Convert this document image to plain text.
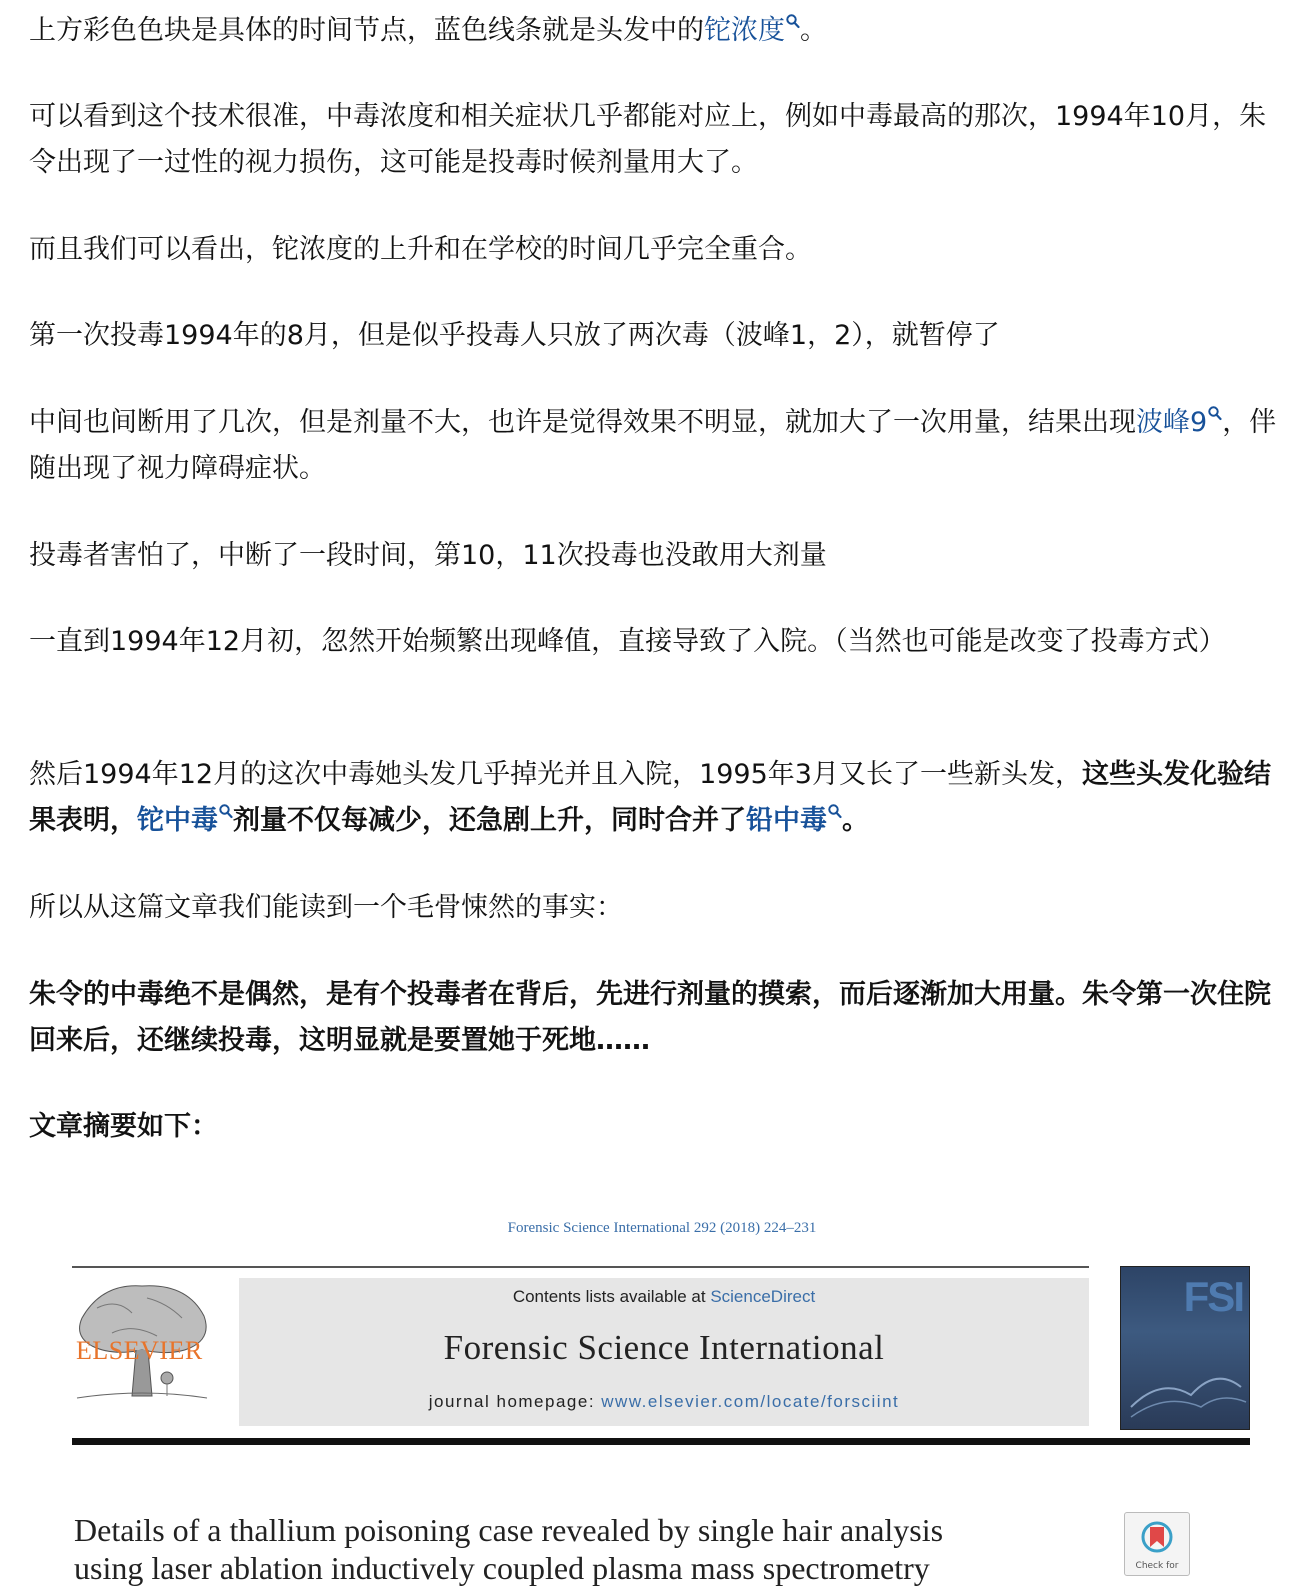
上方彩色色块是具体的时间节点，蓝色线条就是头发中的铊浓度 。

可以看到这个技术很准，中毒浓度和相关症状几乎都能对应上，例如中毒最高的那次，1994年10月，朱令出现了一过性的视力损伤，这可能是投毒时候剂量用大了。

而且我们可以看出，铊浓度的上升和在学校的时间几乎完全重合。

第一次投毒1994年的8月，但是似乎投毒人只放了两次毒（波峰1，2），就暂停了

中间也间断用了几次，但是剂量不大，也许是觉得效果不明显，就加大了一次用量，结果出现波峰9 ，伴随出现了视力障碍症状。

投毒者害怕了，中断了一段时间，第10，11次投毒也没敢用大剂量

一直到1994年12月初，忽然开始频繁出现峰值，直接导致了入院。（当然也可能是改变了投毒方式）

然后1994年12月的这次中毒她头发几乎掉光并且入院，1995年3月又长了一些新头发，这些头发化验结果表明，铊中毒 剂量不仅每减少，还急剧上升，同时合并了铅中毒 。

所以从这篇文章我们能读到一个毛骨悚然的事实：

朱令的中毒绝不是偶然，是有个投毒者在背后，先进行剂量的摸索，而后逐渐加大用量。朱令第一次住院回来后，还继续投毒，这明显就是要置她于死地……

文章摘要如下：

Forensic Science International 292 (2018) 224–231
ELSEVIER
Contents lists available at ScienceDirect
Forensic Science International
journal homepage: www.elsevier.com/locate/forsciint
FSI
Details of a thallium poisoning case revealed by single hair analysis
using laser ablation inductively coupled plasma mass spectrometry	Check for
